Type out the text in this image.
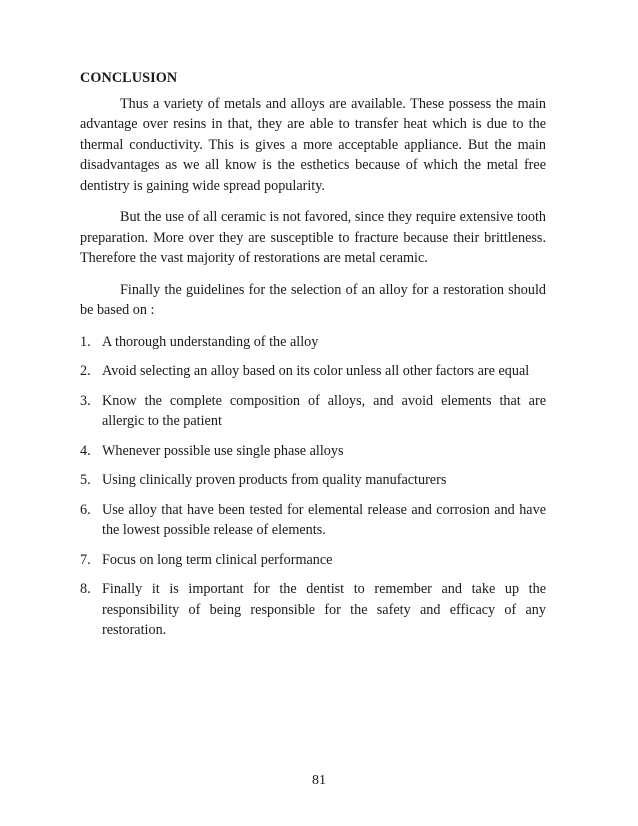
CONCLUSION

Thus a variety of metals and alloys are available. These possess the main advantage over resins in that, they are able to transfer heat which is due to the thermal conductivity. This is gives a more acceptable appliance. But the main disadvantages as we all know is the esthetics because of which the metal free dentistry is gaining wide spread popularity.

But the use of all ceramic is not favored, since they require extensive tooth preparation. More over they are susceptible to fracture because their brittleness. Therefore the vast majority of restorations are metal ceramic.

Finally the guidelines for the selection of an alloy for a restoration should be based on :

1. A thorough understanding of the alloy
2. Avoid selecting an alloy based on its color unless all other factors are equal
3. Know the complete composition of alloys, and avoid elements that are allergic to the patient
4. Whenever possible use single phase alloys
5. Using clinically proven products from quality manufacturers
6. Use alloy that have been tested for elemental release and corrosion and have the lowest possible release of elements.
7. Focus on long term clinical performance
8. Finally it is important for the dentist to remember and take up the responsibility of being responsible for the safety and efficacy of any restoration.
81
